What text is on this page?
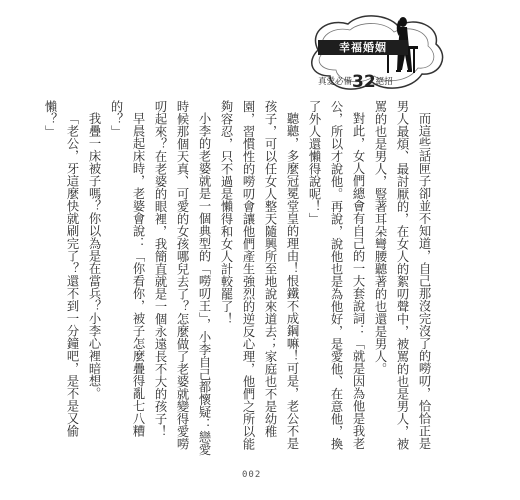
幸福婚姻
真愛必備32絕招

而這些話匣子卻並不知道，自己那沒完沒了的嘮叨，恰恰正是男人最煩、最討厭的，在女人的絮叨聲中，被罵的也是男人，被罵的也是男人，豎著耳朵彎腰聽著的也還是男人。

對此，女人們總會有自己的一大套說詞：「就是因為他是我老公，所以才說他。再說，說他也是為他好，是愛他、在意他，換了外人還懶得說呢！」

聽聽，多麼冠冕堂皇的理由！恨鐵不成鋼嘛！可是，老公不是孩子，可以任女人整天隨興所至地說來道去；家庭也不是幼稚園，習慣性的嘮叨會讓他們產生強烈的逆反心理，他們之所以能夠容忍，只不過是懶得和女人計較罷了！

小李的老婆就是一個典型的「嘮叨王」，小李自己都懷疑：戀愛時候那個天真、可愛的女孩哪兒去了？怎麼做了老婆就變得愛嘮叨起來？在老婆的眼裡，我簡直就是一個永遠長不大的孩子！

早晨起床時，老婆會說：「你看你，被子怎麼疊得亂七八糟的？」

我疊一床被子嗎？你以為是在當兵？小李心裡暗想。

「老公，牙這麼快就刷完了？還不到一分鐘吧，是不是又偷懶？」

002
